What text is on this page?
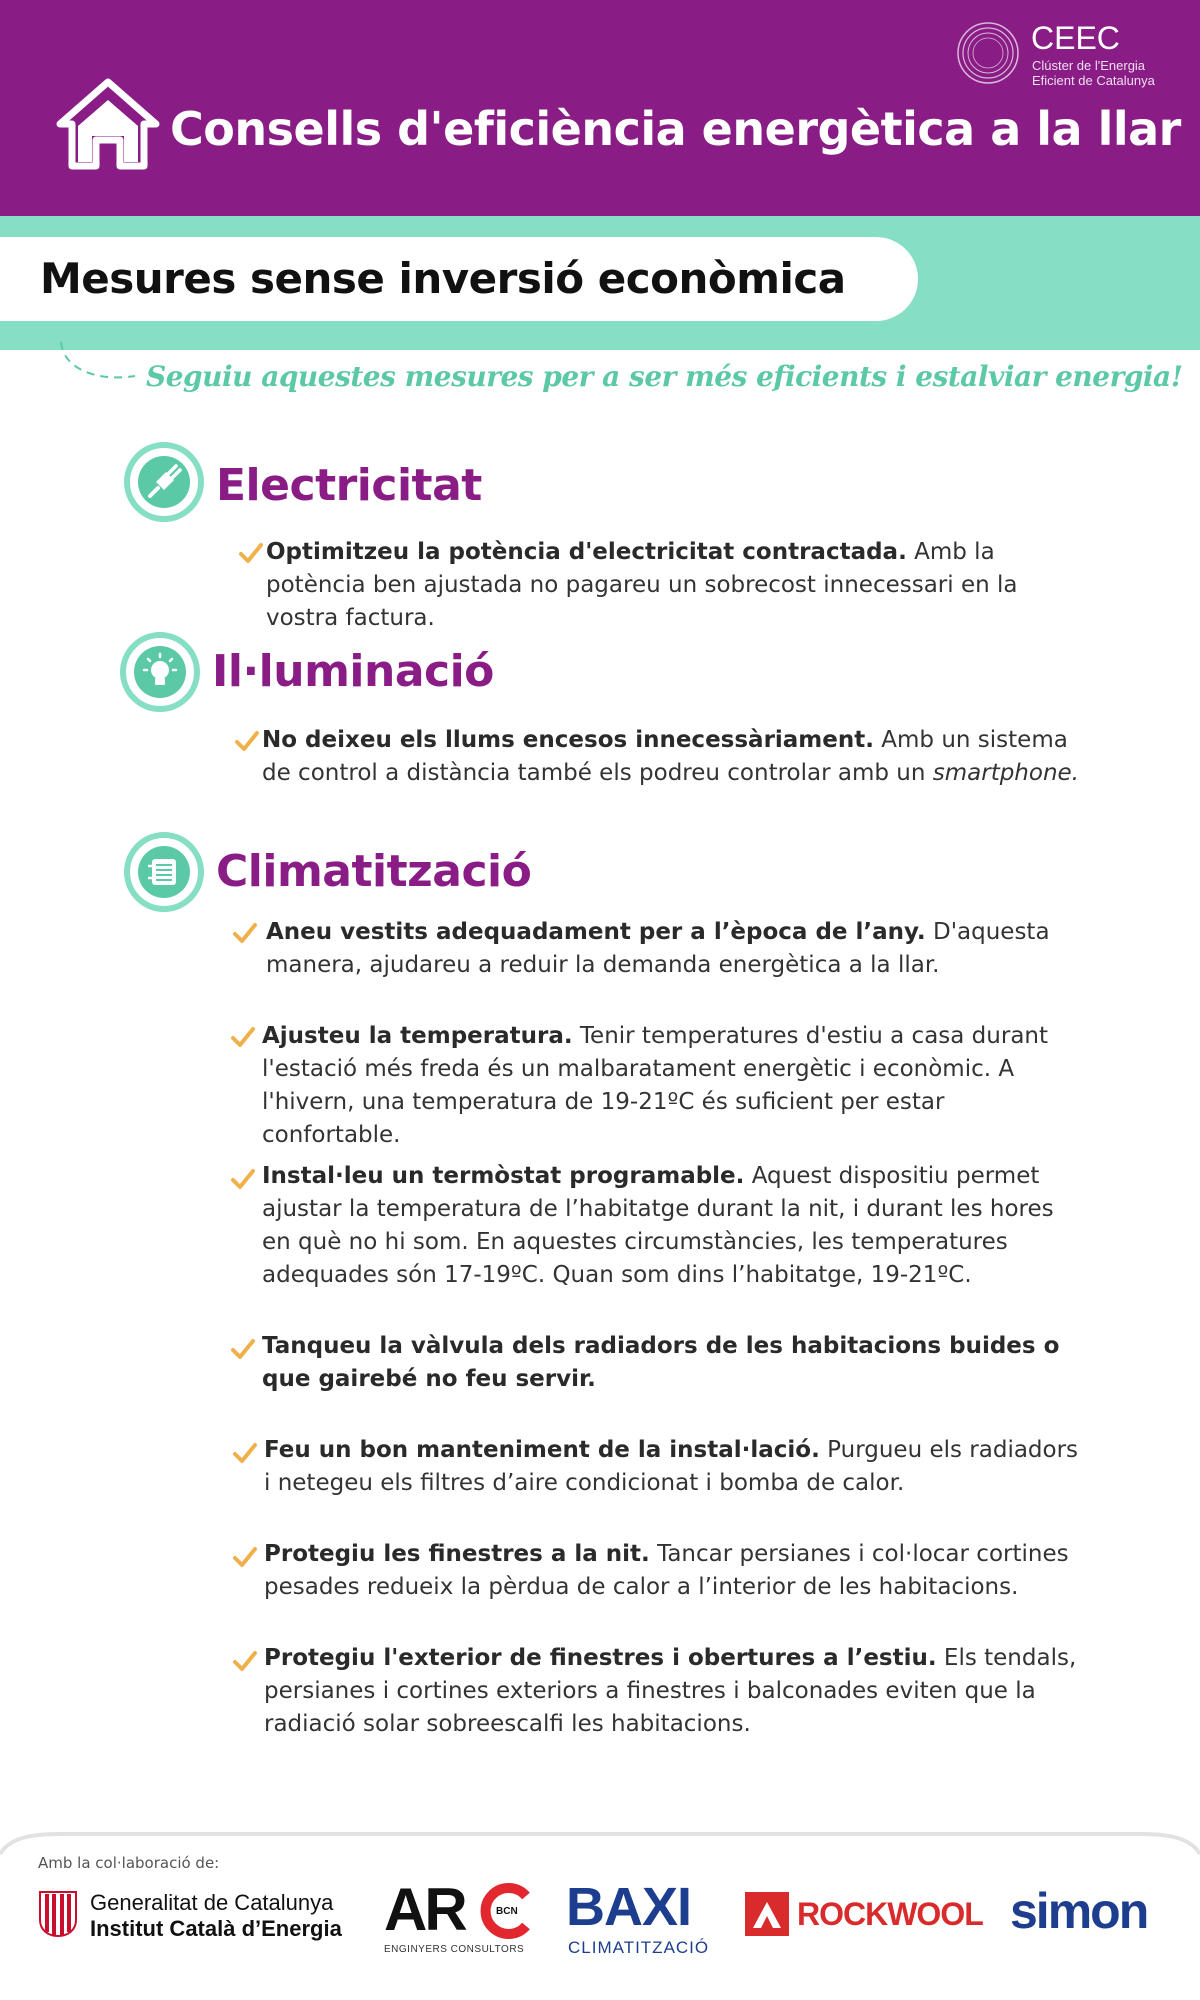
Consells d'eficiència energètica a la llar
CEEC
Clúster de l'Energia
Eficient de Catalunya
Mesures sense inversió econòmica
Seguiu aquestes mesures per a ser més eficients i estalviar energia!
Electricitat
Optimitzeu la potència d'electricitat contractada. Amb la potència ben ajustada no pagareu un sobrecost innecessari en la vostra factura.
Il·luminació
No deixeu els llums encesos innecessàriament. Amb un sistema de control a distància també els podreu controlar amb un smartphone.
Climatització
Aneu vestits adequadament per a l’època de l’any. D'aquesta manera, ajudareu a reduir la demanda energètica a la llar.
Ajusteu la temperatura. Tenir temperatures d'estiu a casa durant l'estació més freda és un malbaratament energètic i econòmic. A l'hivern, una temperatura de 19-21ºC és suficient per estar confortable.
Instal·leu un termòstat programable. Aquest dispositiu permet ajustar la temperatura de l’habitatge durant la nit, i durant les hores en què no hi som. En aquestes circumstàncies, les temperatures adequades són 17-19ºC. Quan som dins l’habitatge, 19-21ºC.
Tanqueu la vàlvula dels radiadors de les habitacions buides o que gairebé no feu servir.
Feu un bon manteniment de la instal·lació. Purgueu els radiadors i netegeu els filtres d’aire condicionat i bomba de calor.
Protegiu les finestres a la nit. Tancar persianes i col·locar cortines pesades redueix la pèrdua de calor a l’interior de les habitacions.
Protegiu l'exterior de finestres i obertures a l’estiu. Els tendals, persianes i cortines exteriors a finestres i balconades eviten que la radiació solar sobreescalfi les habitacions.
Amb la col·laboració de:
Generalitat de Catalunya
Institut Català d’Energia AR	BCN
ENGINYERS CONSULTORS
BAXI
CLIMATITZACIÓ
ROCKWOOL simon
